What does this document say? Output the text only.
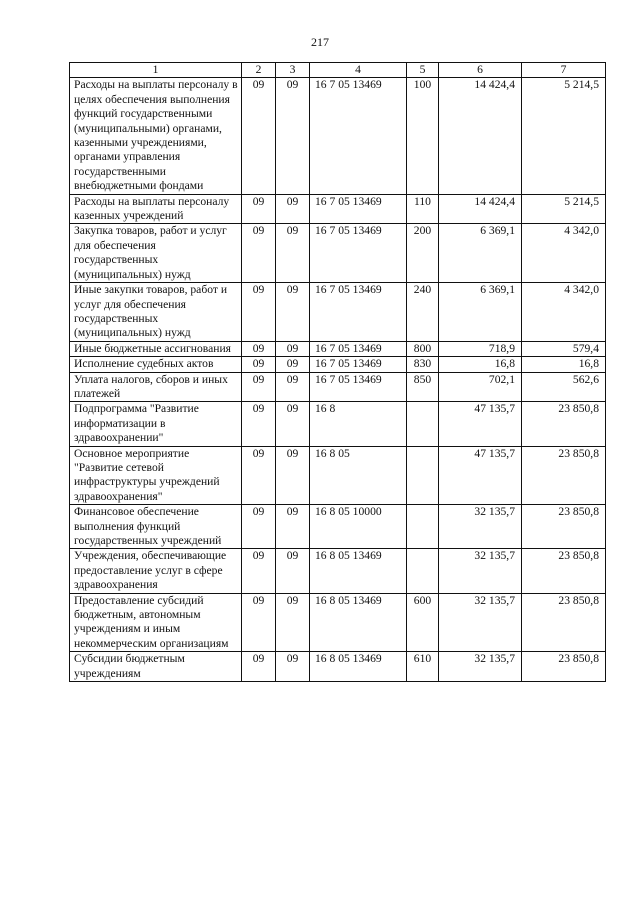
217
1	2	3	4	5	6	7
Расходы на выплаты персоналу в целях обеспечения выполнения функций государственными (муниципальными) органами, казенными учреждениями, органами управления государственными внебюджетными фондами	09	09	16 7 05 13469	100	14 424,4	5 214,5
Расходы на выплаты персоналу казенных учреждений	09	09	16 7 05 13469	110	14 424,4	5 214,5
Закупка товаров, работ и услуг для обеспечения государственных (муниципальных) нужд	09	09	16 7 05 13469	200	6 369,1	4 342,0
Иные закупки товаров, работ и услуг для обеспечения государственных (муниципальных) нужд	09	09	16 7 05 13469	240	6 369,1	4 342,0
Иные бюджетные ассигнования	09	09	16 7 05 13469	800	718,9	579,4
Исполнение судебных актов	09	09	16 7 05 13469	830	16,8	16,8
Уплата налогов, сборов и иных платежей	09	09	16 7 05 13469	850	702,1	562,6
Подпрограмма "Развитие информатизации в здравоохранении"	09	09	16 8		47 135,7	23 850,8
Основное мероприятие "Развитие сетевой инфраструктуры учреждений здравоохранения"	09	09	16 8 05		47 135,7	23 850,8
Финансовое обеспечение выполнения функций государственных учреждений	09	09	16 8 05 10000		32 135,7	23 850,8
Учреждения, обеспечивающие предоставление услуг в сфере здравоохранения	09	09	16 8 05 13469		32 135,7	23 850,8
Предоставление субсидий бюджетным, автономным учреждениям и иным некоммерческим организациям	09	09	16 8 05 13469	600	32 135,7	23 850,8
Субсидии бюджетным учреждениям	09	09	16 8 05 13469	610	32 135,7	23 850,8
